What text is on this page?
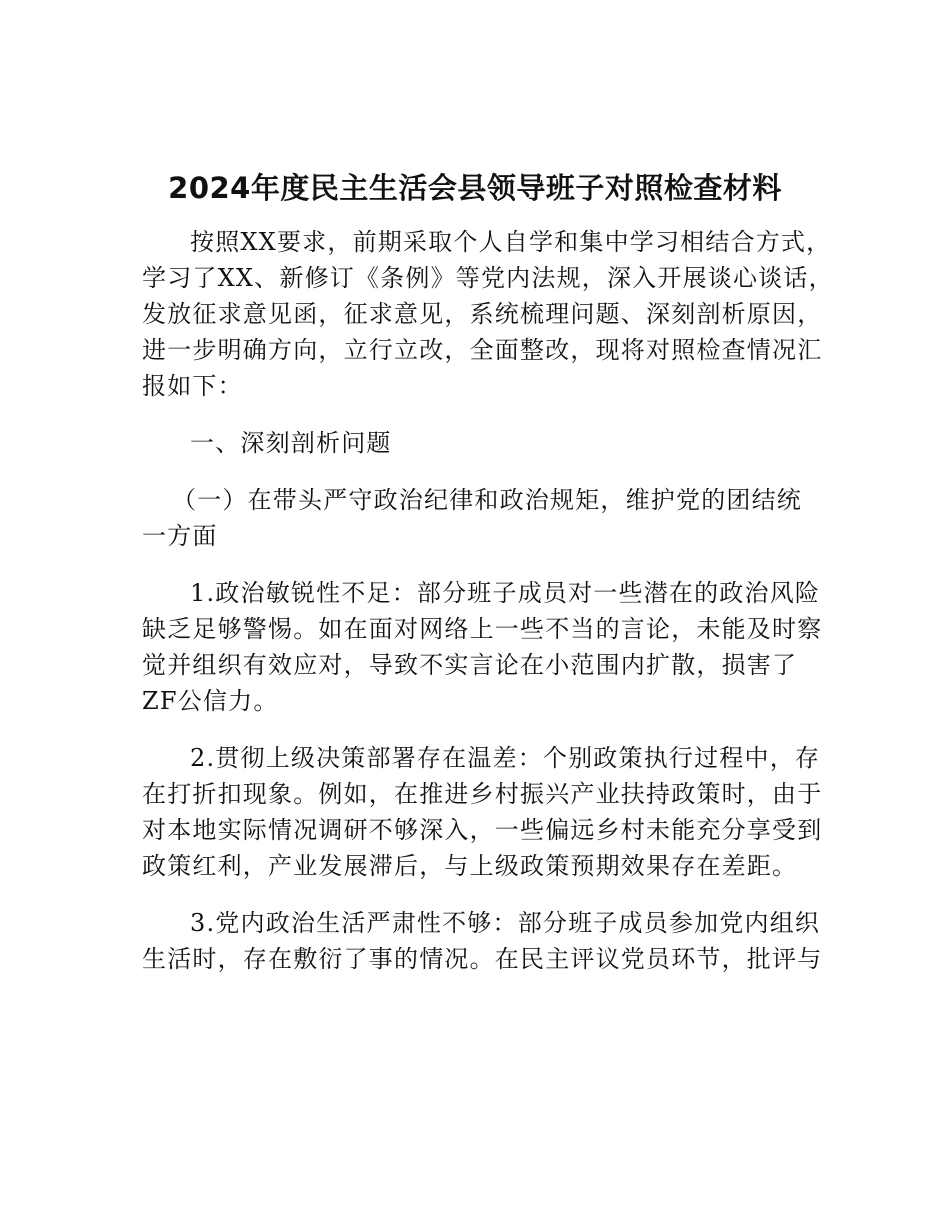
2024年度民主生活会县领导班子对照检查材料
按照XX要求，前期采取个人自学和集中学习相结合方式，
学习了XX、新修订《条例》等党内法规，深入开展谈心谈话，
发放征求意见函，征求意见，系统梳理问题、深刻剖析原因，
进一步明确方向，立行立改，全面整改，现将对照检查情况汇
报如下：
一、深刻剖析问题
（一）在带头严守政治纪律和政治规矩，维护党的团结统
一方面
1.政治敏锐性不足：部分班子成员对一些潜在的政治风险
缺乏足够警惕。如在面对网络上一些不当的言论，未能及时察
觉并组织有效应对，导致不实言论在小范围内扩散，损害了
ZF公信力。
2.贯彻上级决策部署存在温差：个别政策执行过程中，存
在打折扣现象。例如，在推进乡村振兴产业扶持政策时，由于
对本地实际情况调研不够深入，一些偏远乡村未能充分享受到
政策红利，产业发展滞后，与上级政策预期效果存在差距。
3.党内政治生活严肃性不够：部分班子成员参加党内组织
生活时，存在敷衍了事的情况。在民主评议党员环节，批评与
